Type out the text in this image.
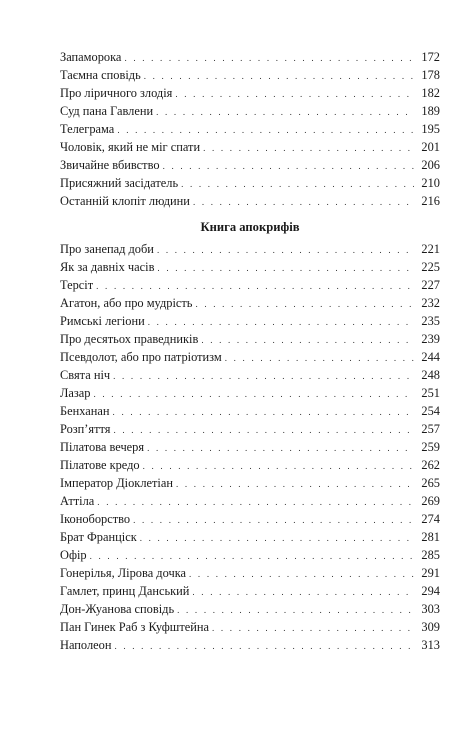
Запаморока . . .	172
Таємна сповідь . . .	178
Про ліричного злодія . . .	182
Суд пана Гавлени . . .	189
Телеграма . . .	195
Чоловік, який не міг спати . . .	201
Звичайне вбивство . . .	206
Присяжний засідатель . . .	210
Останній клопіт людини . . .	216
Книга апокрифів
Про занепад доби . . .	221
Як за давніх часів . . .	225
Терсіт . . .	227
Агатон, або про мудрість . . .	232
Римські легіони . . .	235
Про десятьох праведників . . .	239
Псевдолот, або про патріотизм . . .	244
Свята ніч . . .	248
Лазар . . .	251
Бенханан . . .	254
Розп’яття . . .	257
Пілатова вечеря . . .	259
Пілатове кредо . . .	262
Імператор Діоклетіан . . .	265
Аттіла . . .	269
Іконоборство . . .	274
Брат Франціск . . .	281
Офір . . .	285
Гонерілья, Лірова дочка . . .	291
Гамлет, принц Данський . . .	294
Дон-Жуанова сповідь . . .	303
Пан Гинек Раб з Куфштейна . . .	309
Наполеон . . .	313
